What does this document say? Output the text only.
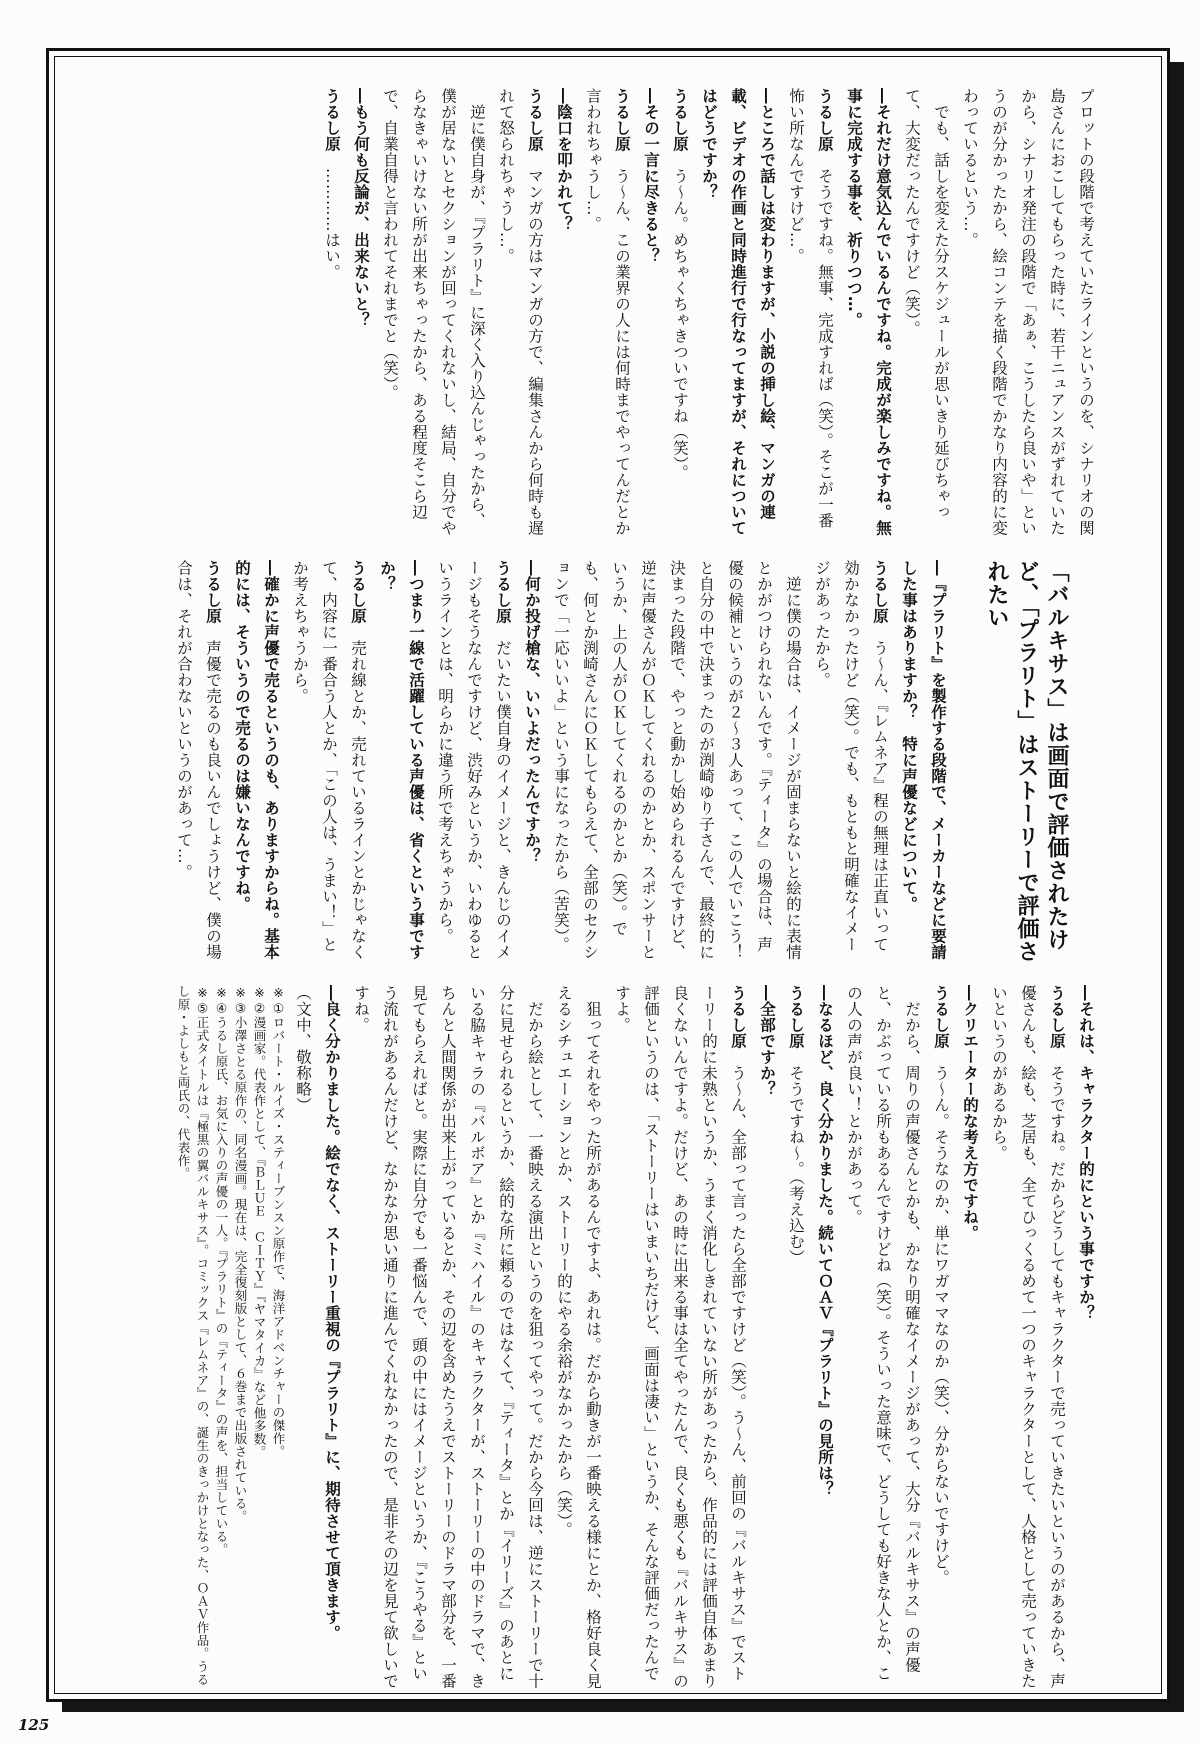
プロットの段階で考えていたラインというのを、シナリオの関島さんにおこしてもらった時に、若干ニュアンスがずれていたから、シナリオ発注の段階で「あぁ、こうしたら良いや」というのが分かったから、絵コンテを描く段階でかなり内容的に変わっているという…。

　でも、話しを変えた分スケジュールが思いきり延びちゃって、大変だったんですけど（笑）。

―それだけ意気込んでいるんですね。完成が楽しみですね。無事に完成する事を、祈りつつ…。

うるし原　そうですね。無事、完成すれば（笑）。そこが一番怖い所なんですけど…。

―ところで話しは変わりますが、小説の挿し絵、マンガの連載、ビデオの作画と同時進行で行なってますが、それについてはどうですか？

うるし原　う～ん。めちゃくちゃきついですね（笑）。

―その一言に尽きると？

うるし原　う～ん、この業界の人には何時までやってんだとか言われちゃうし…。

―陰口を叩かれて？

うるし原　マンガの方はマンガの方で、編集さんから何時も遅れて怒られちゃうし…。

　逆に僕自身が、『プラリト』に深く入り込んじゃったから、僕が居ないとセクションが回ってくれないし、結局、自分でやらなきゃいけない所が出来ちゃったから、ある程度そこら辺で、自業自得と言われてそれまでと（笑）。

―もう何も反論が、出来ないと？

うるし原　…………はい。

「バルキサス」は画面で評価されたけど、「プラリト」はストーリーで評価されたい

―『プラリト』を製作する段階で、メーカーなどに要請した事はありますか？　特に声優などについて。

うるし原　う～ん、『レムネア』程の無理は正直いって効かなかったけど（笑）。でも、もともと明確なイメージがあったから。

　逆に僕の場合は、イメージが固まらないと絵的に表情とかがつけられないんです。『ティータ』の場合は、声優の候補というのが２～３人あって、この人でいこう！と自分の中で決まったのが渕崎ゆり子さんで、最終的に決まった段階で、やっと動かし始められるんですけど、逆に声優さんがＯＫしてくれるのかとか、スポンサーというか、上の人がＯＫしてくれるのかとか（笑）。でも、何とか渕崎さんにＯＫしてもらえて、全部のセクションで「一応いいよ」という事になったから（苦笑）。

―何か投げ槍な、いいよだったんですか？

うるし原　だいたい僕自身のイメージと、きんじのイメージもそうなんですけど、渋好みというか、いわゆるというラインとは、明らかに違う所で考えちゃうから。

―つまり一線で活躍している声優は、省くという事ですか？

うるし原　売れ線とか、売れているラインとかじゃなくて、内容に一番合う人とか、「この人は、うまい！」とか考えちゃうから。

―確かに声優で売るというのも、ありますからね。基本的には、そういうので売るのは嫌いなんですね。

うるし原　声優で売るのも良いんでしょうけど、僕の場合は、それが合わないというのがあって…。

―それは、キャラクター的にという事ですか？

うるし原　そうですね。だからどうしてもキャラクターで売っていきたいというのがあるから、声優さんも、絵も、芝居も、全てひっくるめて一つのキャラクターとして、人格として売っていきたいというのがあるから。

―クリエーター的な考え方ですね。

うるし原　う～ん。そうなのか、単にワガママなのか（笑）、分からないですけど。

　だから、周りの声優さんとかも、かなり明確なイメージがあって、大分『バルキサス』の声優と、かぶっている所もあるんですけどね（笑）。そういった意味で、どうしても好きな人とか、この人の声が良い！とかがあって。

―なるほど、良く分かりました。続いてＯＡＶ『プラリト』の見所は？

うるし原　そうですね～。（考え込む）

―全部ですか？

うるし原　う～ん、全部って言ったら全部ですけど（笑）。う～ん、前回の『バルキサス』でストーリー的に未熟というか、うまく消化しきれていない所があったから、作品的には評価自体あまり良くないんですよ。だけど、あの時に出来る事は全てやったんで、良くも悪くも『バルキサス』の評価というのは、「ストーリーはいまいちだけど、画面は凄い」というか、そんな評価だったんですよ。

　狙ってそれをやった所があるんですよ、あれは。だから動きが一番映える様にとか、格好良く見えるシチュエーションとか、ストーリー的にやる余裕がなかったから（笑）。

　だから絵として、一番映える演出というのを狙ってやって。だから今回は、逆にストーリーで十分に見せられるというか、絵的な所に頼るのではなくて、『ティータ』とか『イリーズ』のあとにいる脇キャラの『バルボア』とか『ミハイル』のキャラクターが、ストーリーの中のドラマで、きちんと人間関係が出来上がっているとか、その辺を含めたうえでストーリーのドラマ部分を、一番見てもらえればと。実際に自分でも一番悩んで、頭の中にはイメージというか、『こうやる』という流れがあるんだけど、なかなか思い通りに進んでくれなかったので、是非その辺を見て欲しいですね。

―良く分かりました。絵でなく、ストーリー重視の『プラリト』に、期待させて頂きます。

（文中、敬称略）

※①ロバート・ルイズ・スティーブンスン原作で、海洋アドベンチャーの傑作。

※②漫画家。代表作として、『ＢＬＵＥ　ＣＩＴＹ』『ヤマタイカ』など他多数。

※③小澤さとる原作の、同名漫画。現在は、完全復刻版として、６巻まで出版されている。

※④うるし原氏、お気に入りの声優の一人。『プラリト』の『ティータ』の声を、担当している。

※⑤正式タイトルは『極黒の翼バルキサス』。コミックス『レムネア』の、誕生のきっかけとなった、ＯＡＶ作品。うるし原・よしもと両氏の、代表作。

125
